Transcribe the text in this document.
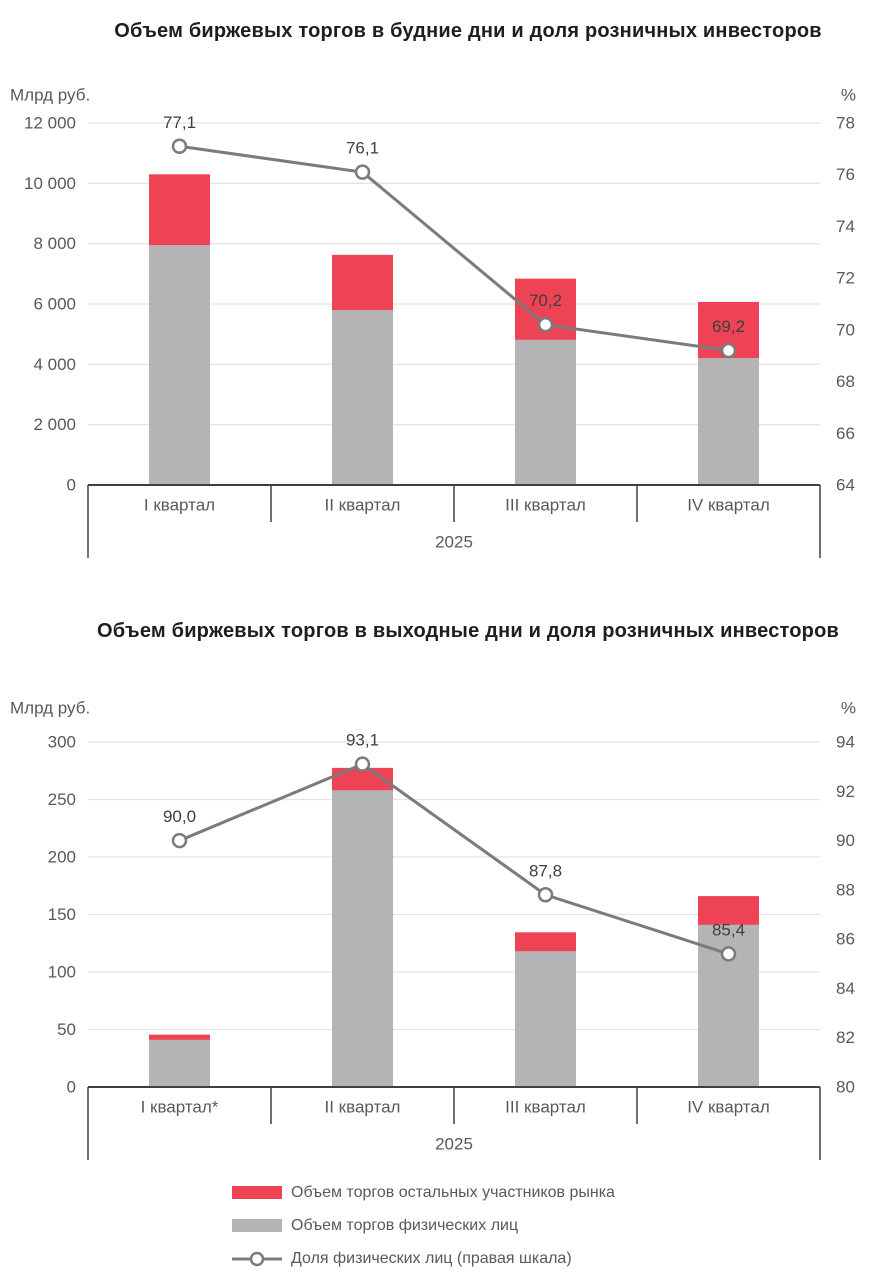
Объем биржевых торгов в будние дни и доля розничных инвесторов
Млрд руб.	%
0
2 000
4 000
6 000
8 000
10 000
12 000
64
66
68
70
72
74
76
78
I квартал	II квартал	III квартал	IV квартал
2025
77,1
76,1
70,2
69,2
Объем биржевых торгов в выходные дни и доля розничных инвесторов
Млрд руб.	%
0
50
100
150
200
250
300
80
82
84
86
88
90
92
94
I квартал*	II квартал	III квартал	IV квартал
2025
90,0
93,1
87,8
85,4
Объем торгов остальных участников рынка
Объем торгов физических лиц
Доля физических лиц (правая шкала)
